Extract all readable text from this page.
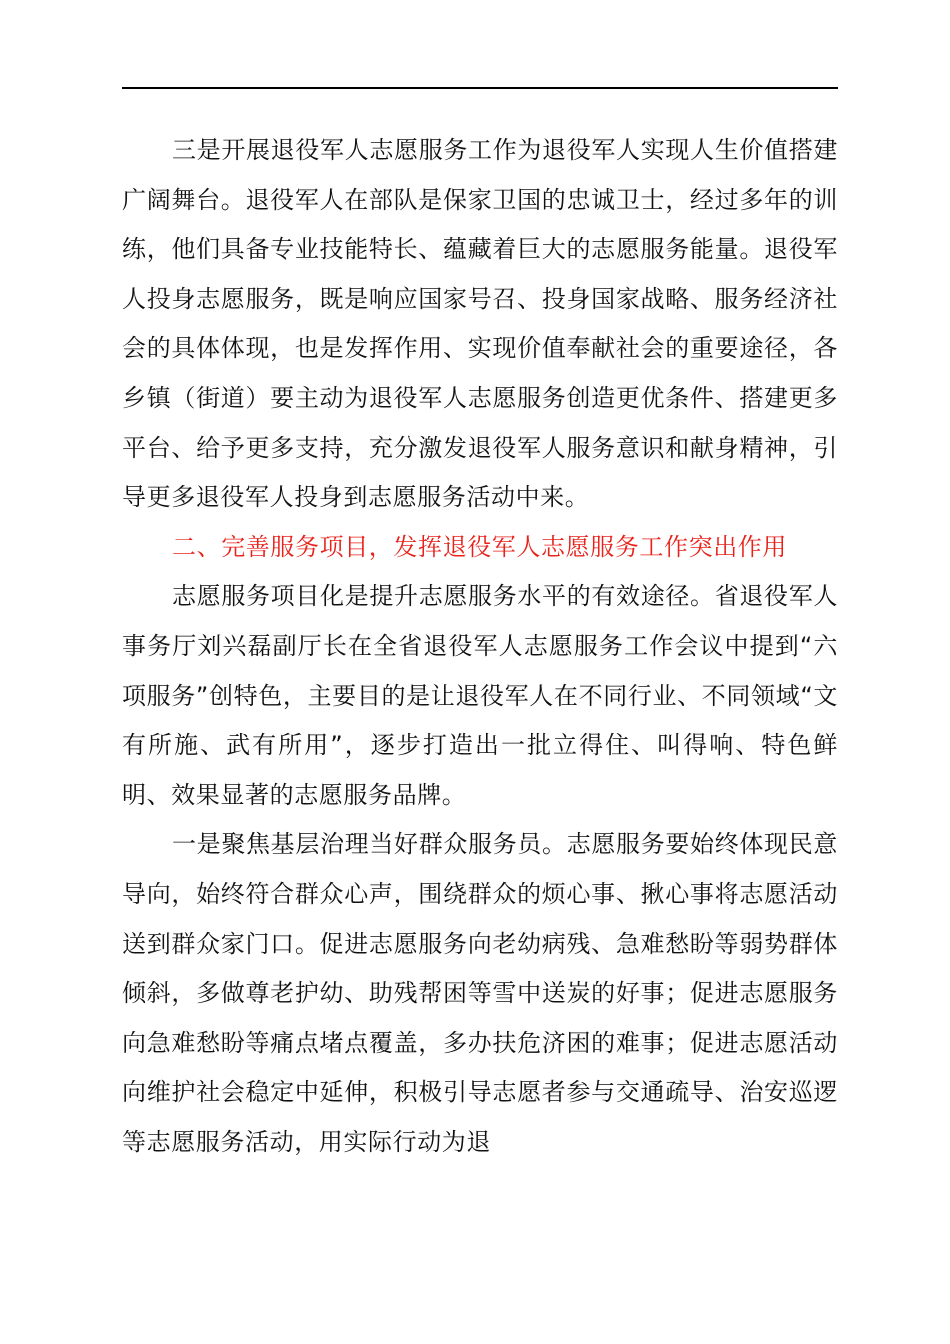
三是开展退役军人志愿服务工作为退役军人实现人生价值搭建广阔舞台。退役军人在部队是保家卫国的忠诚卫士，经过多年的训练，他们具备专业技能特长、蕴藏着巨大的志愿服务能量。退役军人投身志愿服务，既是响应国家号召、投身国家战略、服务经济社会的具体体现，也是发挥作用、实现价值奉献社会的重要途径，各乡镇（街道）要主动为退役军人志愿服务创造更优条件、搭建更多平台、给予更多支持，充分激发退役军人服务意识和献身精神，引导更多退役军人投身到志愿服务活动中来。

二、完善服务项目，发挥退役军人志愿服务工作突出作用

志愿服务项目化是提升志愿服务水平的有效途径。省退役军人事务厅刘兴磊副厅长在全省退役军人志愿服务工作会议中提到“六项服务”创特色，主要目的是让退役军人在不同行业、不同领域“文有所施、武有所用”，逐步打造出一批立得住、叫得响、特色鲜明、效果显著的志愿服务品牌。

一是聚焦基层治理当好群众服务员。志愿服务要始终体现民意导向，始终符合群众心声，围绕群众的烦心事、揪心事将志愿活动送到群众家门口。促进志愿服务向老幼病残、急难愁盼等弱势群体倾斜，多做尊老护幼、助残帮困等雪中送炭的好事；促进志愿服务向急难愁盼等痛点堵点覆盖，多办扶危济困的难事；促进志愿活动向维护社会稳定中延伸，积极引导志愿者参与交通疏导、治安巡逻等志愿服务活动，用实际行动为退
